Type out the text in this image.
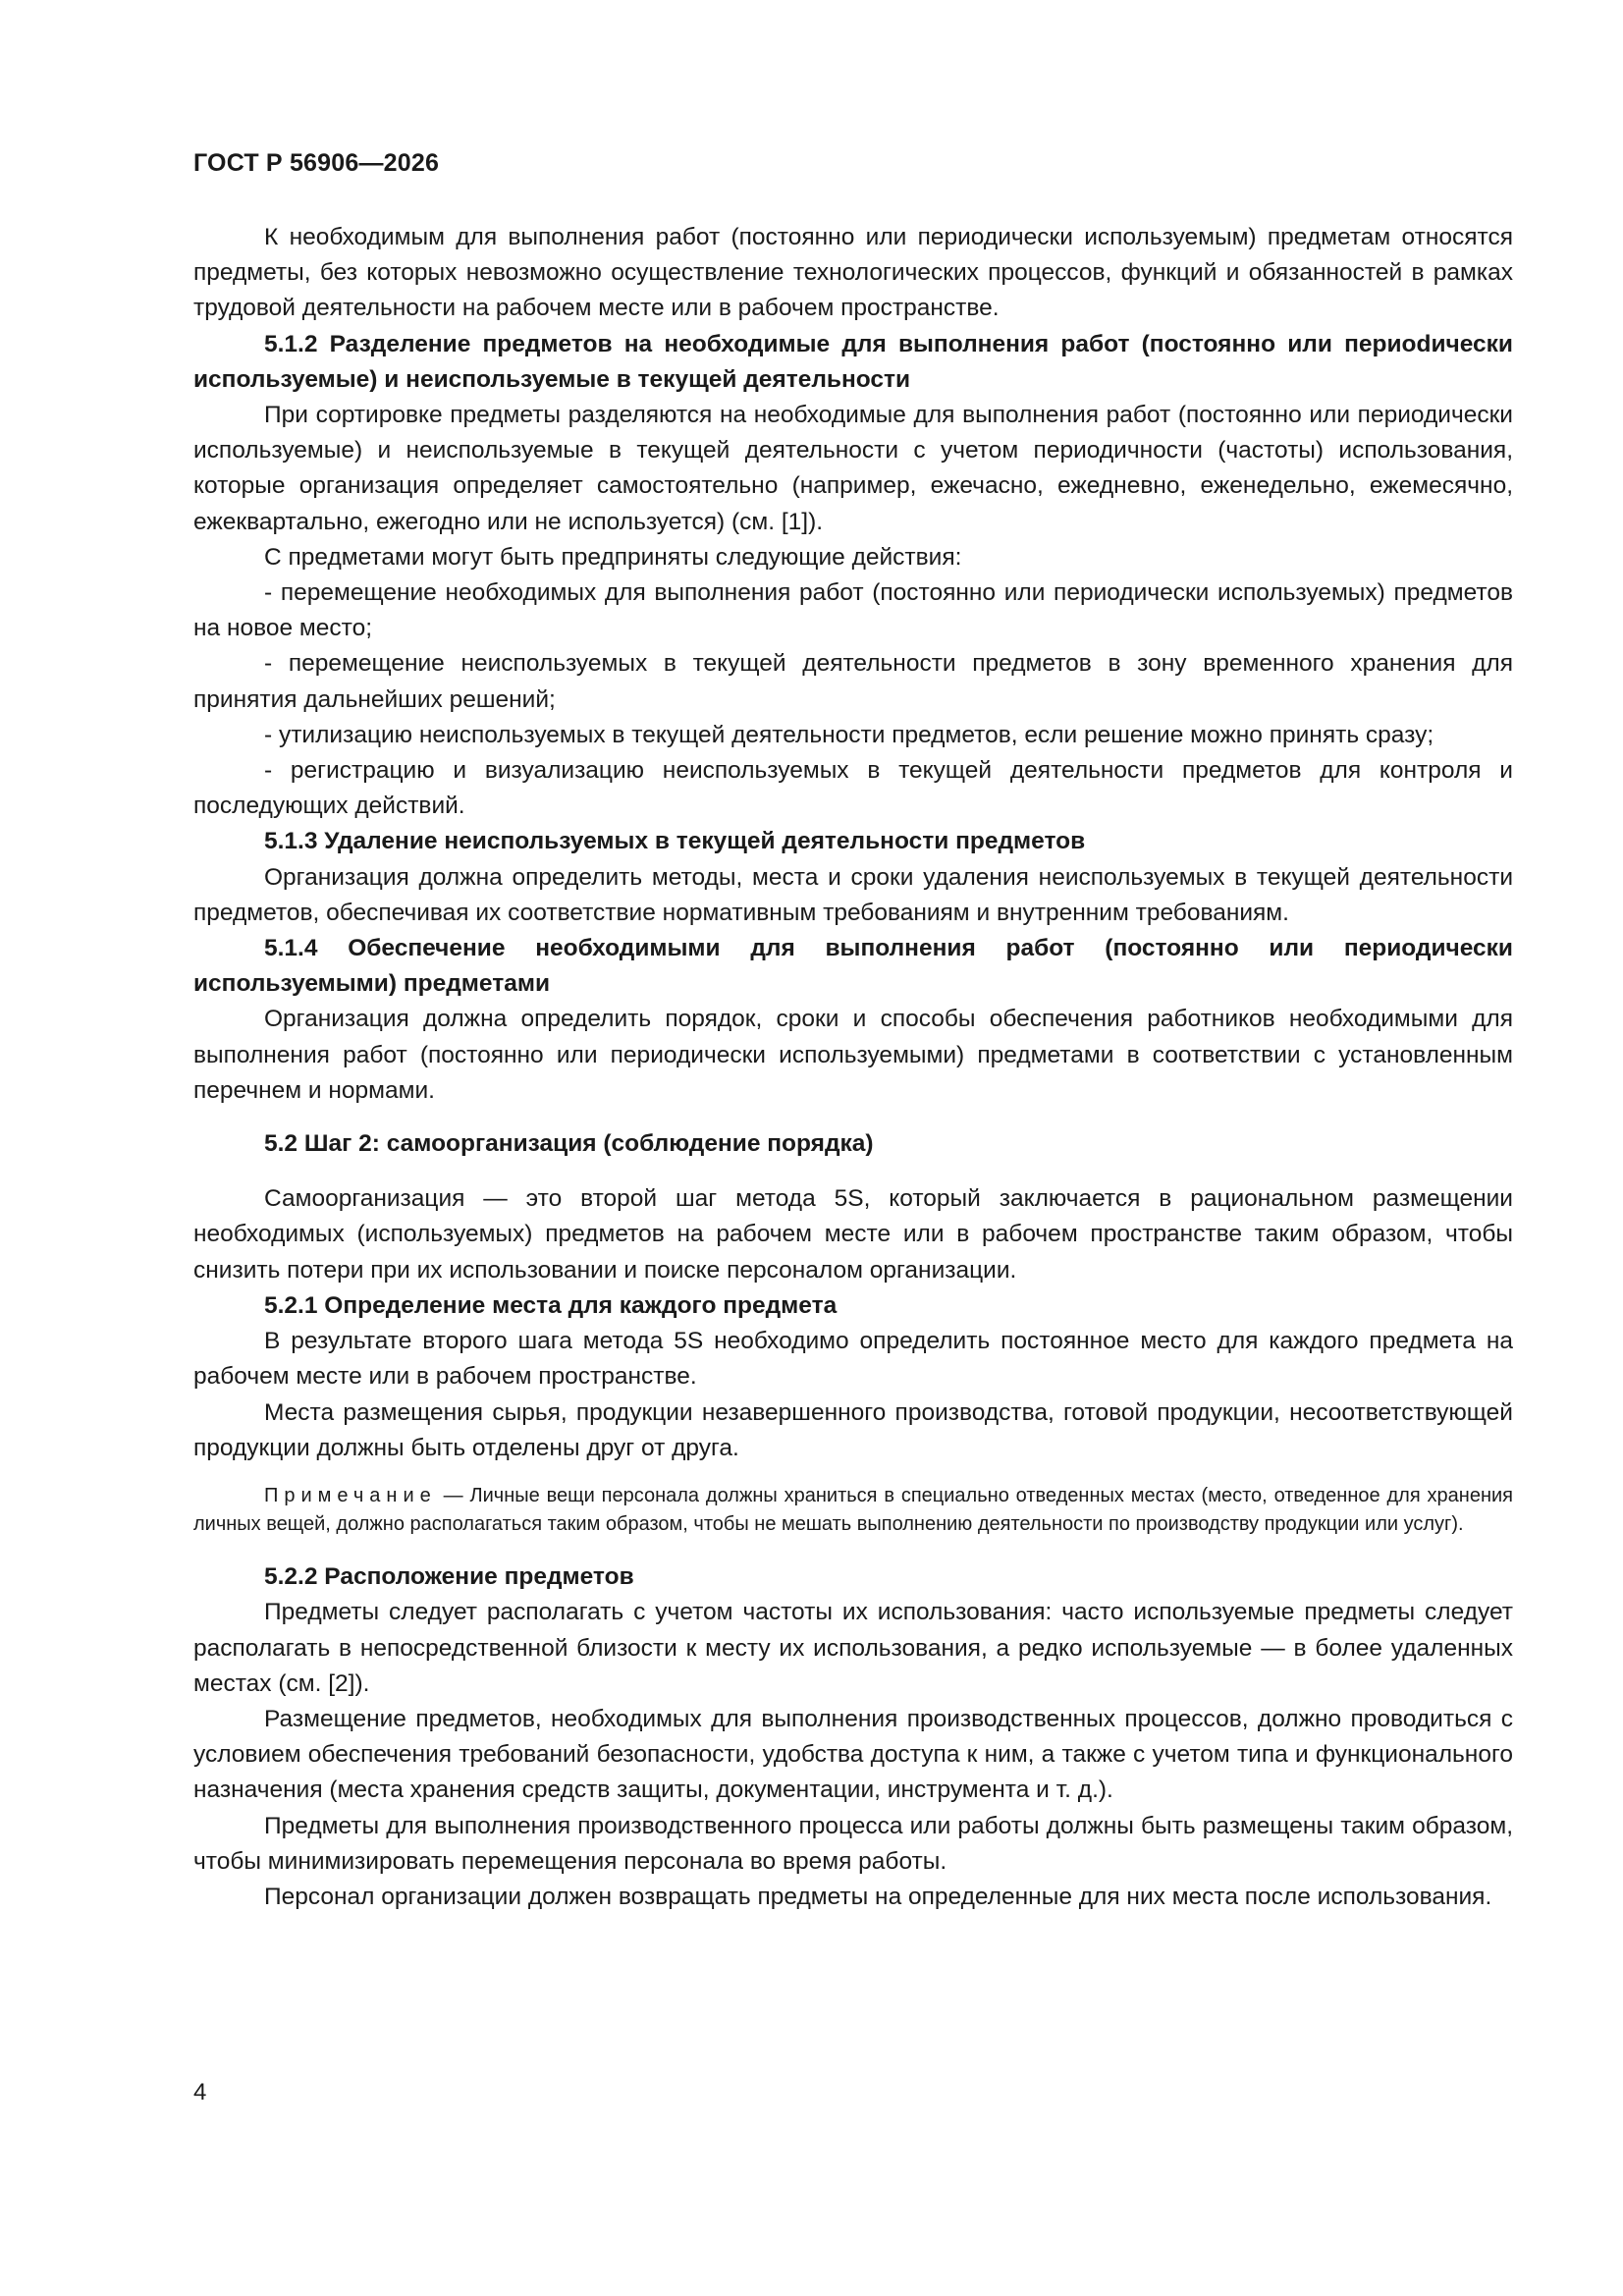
ГОСТ Р 56906—2026

К необходимым для выполнения работ (постоянно или периодически используемым) предметам относятся предметы, без которых невозможно осуществление технологических процессов, функций и обязанностей в рамках трудовой деятельности на рабочем месте или в рабочем пространстве.

5.1.2 Разделение предметов на необходимые для выполнения работ (постоянно или периоdически используемые) и неиспользуемые в текущей деятельности

При сортировке предметы разделяются на необходимые для выполнения работ (постоянно или периодически используемые) и неиспользуемые в текущей деятельности с учетом периодичности (частоты) использования, которые организация определяет самостоятельно (например, ежечасно, ежедневно, еженедельно, ежемесячно, ежеквартально, ежегодно или не используется) (см. [1]).

С предметами могут быть предприняты следующие действия:

- перемещение необходимых для выполнения работ (постоянно или периодически используемых) предметов на новое место;

- перемещение неиспользуемых в текущей деятельности предметов в зону временного хранения для принятия дальнейших решений;

- утилизацию неиспользуемых в текущей деятельности предметов, если решение можно принять сразу;

- регистрацию и визуализацию неиспользуемых в текущей деятельности предметов для контроля и последующих действий.

5.1.3 Удаление неиспользуемых в текущей деятельности предметов

Организация должна определить методы, места и сроки удаления неиспользуемых в текущей деятельности предметов, обеспечивая их соответствие нормативным требованиям и внутренним требованиям.

5.1.4 Обеспечение необходимыми для выполнения работ (постоянно или периодически используемыми) предметами

Организация должна определить порядок, сроки и способы обеспечения работников необходимыми для выполнения работ (постоянно или периодически используемыми) предметами в соответствии с установленным перечнем и нормами.

5.2 Шаг 2: самоорганизация (соблюдение порядка)

Самоорганизация — это второй шаг метода 5S, который заключается в рациональном размещении необходимых (используемых) предметов на рабочем месте или в рабочем пространстве таким образом, чтобы снизить потери при их использовании и поиске персоналом организации.

5.2.1 Определение места для каждого предмета

В результате второго шага метода 5S необходимо определить постоянное место для каждого предмета на рабочем месте или в рабочем пространстве.

Места размещения сырья, продукции незавершенного производства, готовой продукции, несоответствующей продукции должны быть отделены друг от друга.

Примечание — Личные вещи персонала должны храниться в специально отведенных местах (место, отведенное для хранения личных вещей, должно располагаться таким образом, чтобы не мешать выполнению деятельности по производству продукции или услуг).

5.2.2 Расположение предметов

Предметы следует располагать с учетом частоты их использования: часто используемые предметы следует располагать в непосредственной близости к месту их использования, а редко используемые — в более удаленных местах (см. [2]).

Размещение предметов, необходимых для выполнения производственных процессов, должно проводиться с условием обеспечения требований безопасности, удобства доступа к ним, а также с учетом типа и функционального назначения (места хранения средств защиты, документации, инструмента и т. д.).

Предметы для выполнения производственного процесса или работы должны быть размещены таким образом, чтобы минимизировать перемещения персонала во время работы.

Персонал организации должен возвращать предметы на определенные для них места после использования.

4
